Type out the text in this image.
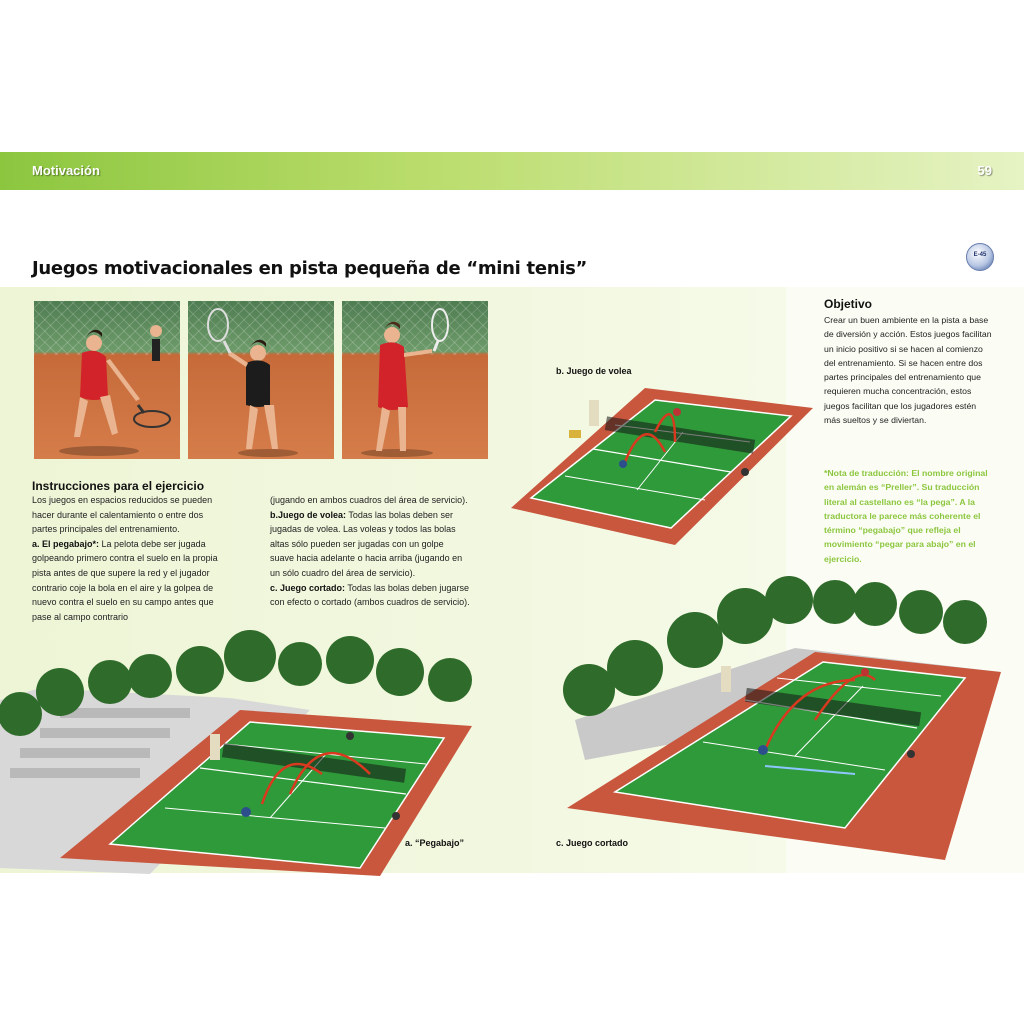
Motivación	59
Juegos motivacionales en pista pequeña de “mini tenis”
E-45
Instrucciones para el ejercicio

Los juegos en espacios reducidos se pueden hacer durante el calentamiento o entre dos partes principales del entrenamiento.

a. El pegabajo*: La pelota debe ser jugada golpeando primero contra el suelo en la propia pista antes de que supere la red y el jugador contrario coje la bola en el aire y la golpea de nuevo contra el suelo en su campo antes que pase al campo contrario

(jugando en ambos cuadros del área de servicio).

b.Juego de volea: Todas las bolas deben ser jugadas de volea. Las voleas y todos las bolas altas sólo pueden ser jugadas con un golpe suave hacia adelante o hacia arriba (jugando en un sólo cuadro del área de servicio).

c. Juego cortado: Todas las bolas deben jugarse con efecto o cortado (ambos cuadros de servicio).

Objetivo

Crear un buen ambiente en la pista a base de diversión y acción. Estos juegos facilitan un inicio positivo si se hacen al comienzo del entrenamiento. Si se hacen entre dos partes principales del entrenamiento que requieren mucha concentración, estos juegos facilitan que los jugadores estén más sueltos y se diviertan.

*Nota de traducción: El nombre original en alemán es “Preller”. Su traducción literal al castellano es “la pega”. A la traductora le parece más coherente el término “pegabajo” que refleja el movimiento “pegar para abajo” en el ejercicio.

b. Juego de volea
a. “Pegabajo”	c. Juego cortado
